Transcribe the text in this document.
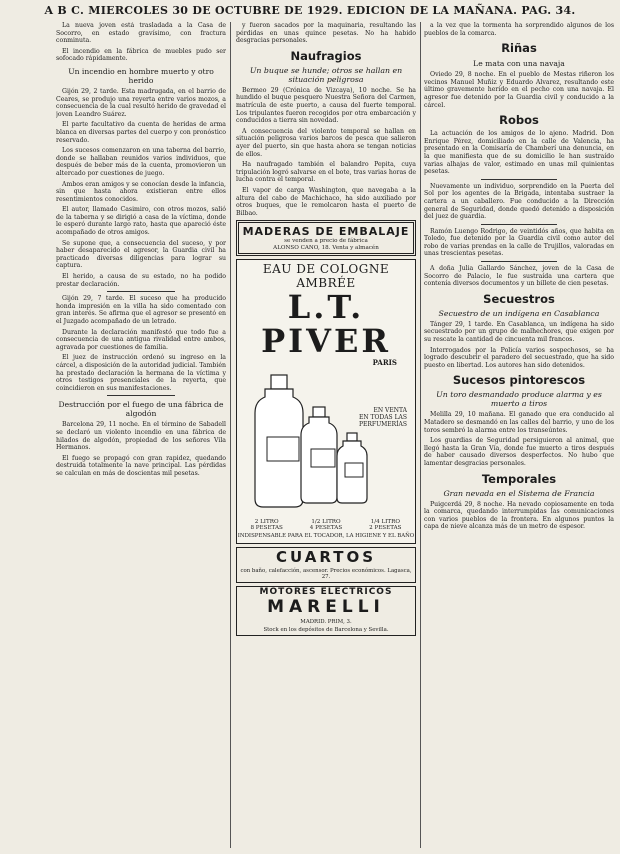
A B C. MIERCOLES 30 DE OCTUBRE DE 1929. EDICION DE LA MAÑANA. PAG. 34.

La nueva joven está trasladada a la Casa de Socorro, en estado gravísimo, con fractura conminuta.

El incendio en la fábrica de muebles pudo ser sofocado rápidamente.

Un incendio en hombre muerto y otro herido

Gijón 29, 2 tarde. Esta madrugada, en el barrio de Ceares, se produjo una reyerta entre varios mozos, a consecuencia de la cual resultó herido de gravedad el joven Leandro Suárez.

El parte facultativo da cuenta de heridas de arma blanca en diversas partes del cuerpo y con pronóstico reservado.

Los sucesos comenzaron en una taberna del barrio, donde se hallaban reunidos varios individuos, que después de beber más de la cuenta, promovieron un altercado por cuestiones de juego.

Ambos eran amigos y se conocían desde la infancia, sin que hasta ahora existieran entre ellos resentimientos conocidos.

El autor, llamado Casimiro, con otros mozos, salió de la taberna y se dirigió a casa de la víctima, donde le esperó durante largo rato, hasta que apareció éste acompañado de otros amigos.

Se supone que, a consecuencia del suceso, y por haber desaparecido el agresor, la Guardia civil ha practicado diversas diligencias para lograr su captura.

El herido, a causa de su estado, no ha podido prestar declaración.

Gijón 29, 7 tarde. El suceso que ha producido honda impresión en la villa ha sido comentado con gran interés. Se afirma que el agresor se presentó en el Juzgado acompañado de un letrado.

Durante la declaración manifestó que todo fue a consecuencia de una antigua rivalidad entre ambos, agravada por cuestiones de familia.

El juez de instrucción ordenó su ingreso en la cárcel, a disposición de la autoridad judicial. También ha prestado declaración la hermana de la víctima y otros testigos presenciales de la reyerta, que coincidieron en sus manifestaciones.

Destrucción por el fuego de una fábrica de algodón

Barcelona 29, 11 noche. En el término de Sabadell se declaró un violento incendio en una fábrica de hilados de algodón, propiedad de los señores Vila Hermanos.

El fuego se propagó con gran rapidez, quedando destruida totalmente la nave principal. Las pérdidas se calculan en más de doscientas mil pesetas.

y fueron sacados por la maquinaria, resultando las pérdidas en unas quince pesetas. No ha habido desgracias personales.

Naufragios
Un buque se hunde; otros se hallan en situación peligrosa

Bermeo 29 (Crónica de Vizcaya), 10 noche. Se ha hundido el buque pesquero Nuestra Señora del Carmen, matrícula de este puerto, a causa del fuerte temporal. Los tripulantes fueron recogidos por otra embarcación y conducidos a tierra sin novedad.

A consecuencia del violento temporal se hallan en situación peligrosa varios barcos de pesca que salieron ayer del puerto, sin que hasta ahora se tengan noticias de ellos.

Ha naufragado también el balandro Pepita, cuya tripulación logró salvarse en el bote, tras varias horas de lucha contra el temporal.

El vapor de carga Washington, que navegaba a la altura del cabo de Machichaco, ha sido auxiliado por otros buques, que le remolcaron hasta el puerto de Bilbao.

MADERAS DE EMBALAJE
se venden a precio de fábrica
ALONSO CANO, 18. Venta y almacén
EAU DE COLOGNE AMBRÉE
L.T. PIVER
PARIS
EN VENTA
EN TODAS LAS
PERFUMERÍAS
2 LITRO
8 PESETAS
1/2 LITRO
4 PESETAS
1/4 LITRO
2 PESETAS
INDISPENSABLE PARA EL TOCADOR, LA HIGIENE Y EL BAÑO
CUARTOS
con baño, calefacción, ascensor. Precios económicos. Lagasca, 27.
MOTORES ELECTRICOS
MARELLI
MADRID. PRIM, 3.
Stock en los depósitos de Barcelona y Sevilla.

a la vez que la tormenta ha sorprendido algunos de los pueblos de la comarca.

Riñas
Le mata con una navaja

Oviedo 29, 8 noche. En el pueblo de Mestas riñeron los vecinos Manuel Muñiz y Eduardo Alvarez, resultando este último gravemente herido en el pecho con una navaja. El agresor fue detenido por la Guardia civil y conducido a la cárcel.

Robos

La actuación de los amigos de lo ajeno. Madrid. Don Enrique Pérez, domiciliado en la calle de Valencia, ha presentado en la Comisaría de Chamberí una denuncia, en la que manifiesta que de su domicilio le han sustraído varias alhajas de valor, estimado en unas mil quinientas pesetas.

Nuevamente un individuo, sorprendido en la Puerta del Sol por los agentes de la Brigada, intentaba sustraer la cartera a un caballero. Fue conducido a la Dirección general de Seguridad, donde quedó detenido a disposición del juez de guardia.

Ramón Luengo Rodrigo, de veintidós años, que habita en Toledo, fue detenido por la Guardia civil como autor del robo de varias prendas en la calle de Trujillos, valoradas en unas trescientas pesetas.

A doña Julia Gallardo Sánchez, joven de la Casa de Socorro de Palacio, le fue sustraída una cartera que contenía diversos documentos y un billete de cien pesetas.

Secuestros
Secuestro de un indígena en Casablanca

Tánger 29, 1 tarde. En Casablanca, un indígena ha sido secuestrado por un grupo de malhechores, que exigen por su rescate la cantidad de cincuenta mil francos.

Interrogados por la Policía varios sospechosos, se ha logrado descubrir el paradero del secuestrado, que ha sido puesto en libertad. Los autores han sido detenidos.

Sucesos pintorescos
Un toro desmandado produce alarma y es muerto a tiros

Melilla 29, 10 mañana. El ganado que era conducido al Matadero se desmandó en las calles del barrio, y uno de los toros sembró la alarma entre los transeúntes.

Los guardias de Seguridad persiguieron al animal, que llegó hasta la Gran Vía, donde fue muerto a tiros después de haber causado diversos desperfectos. No hubo que lamentar desgracias personales.

Temporales
Gran nevada en el Sistema de Francia

Puigcerdá 29, 8 noche. Ha nevado copiosamente en toda la comarca, quedando interrumpidas las comunicaciones con varios pueblos de la frontera. En algunos puntos la capa de nieve alcanza más de un metro de espesor.
